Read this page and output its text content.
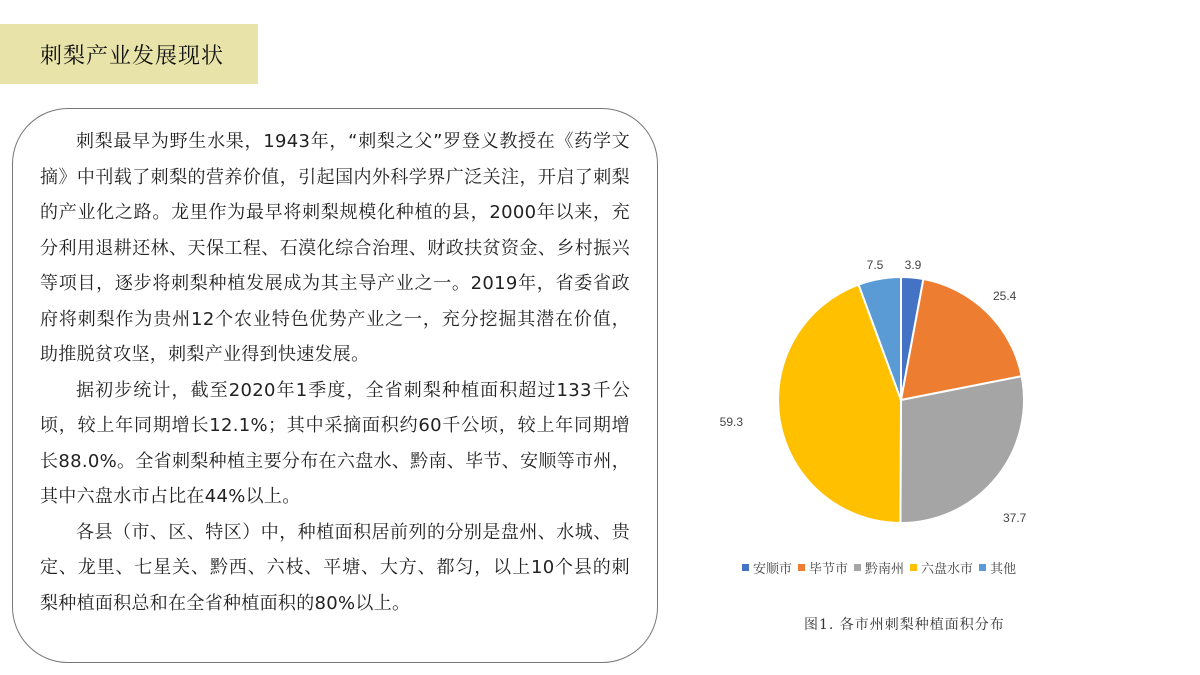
刺梨产业发展现状

刺梨最早为野生水果，1943年，“刺梨之父”罗登义教授在《药学文摘》中刊载了刺梨的营养价值，引起国内外科学界广泛关注，开启了刺梨的产业化之路。龙里作为最早将刺梨规模化种植的县，2000年以来，充分利用退耕还林、天保工程、石漠化综合治理、财政扶贫资金、乡村振兴等项目，逐步将刺梨种植发展成为其主导产业之一。2019年，省委省政府将刺梨作为贵州12个农业特色优势产业之一，充分挖掘其潜在价值，助推脱贫攻坚，刺梨产业得到快速发展。

据初步统计，截至2020年1季度，全省刺梨种植面积超过133千公顷，较上年同期增长12.1%；其中采摘面积约60千公顷，较上年同期增长88.0%。全省刺梨种植主要分布在六盘水、黔南、毕节、安顺等市州，其中六盘水市占比在44%以上。

各县（市、区、特区）中，种植面积居前列的分别是盘州、水城、贵定、龙里、七星关、黔西、六枝、平塘、大方、都匀，以上10个县的刺梨种植面积总和在全省种植面积的80%以上。

3.9
25.4
37.7
59.3
7.5
安顺市 毕节市 黔南州 六盘水市 其他
图1. 各市州刺梨种植面积分布
